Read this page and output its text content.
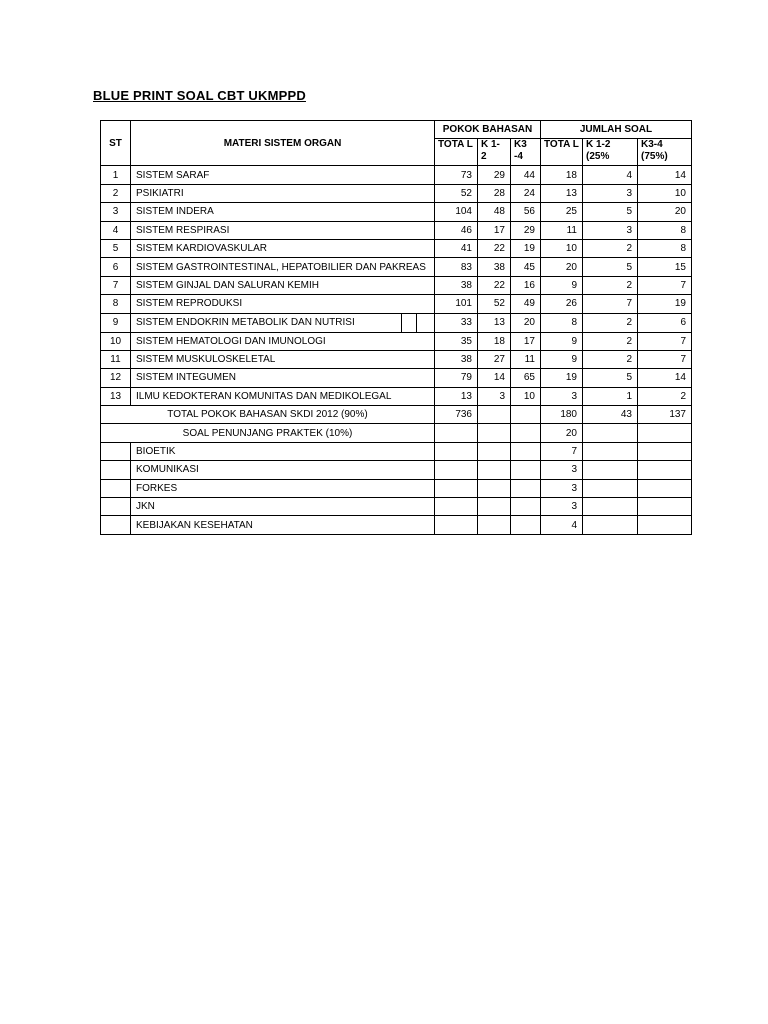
BLUE PRINT SOAL CBT UKMPPD
ST	MATERI SISTEM ORGAN	POKOK BAHASAN			JUMLAH SOAL		
		TOTA L	K 1- 2	K3 -4	TOTA L	K 1-2 (25%	K3-4 (75%)
1	SISTEM SARAF	73	29	44	18	4	14
2	PSIKIATRI	52	28	24	13	3	10
3	SISTEM INDERA	104	48	56	25	5	20
4	SISTEM RESPIRASI	46	17	29	11	3	8
5	SISTEM KARDIOVASKULAR	41	22	19	10	2	8
6	SISTEM GASTROINTESTINAL, HEPATOBILIER DAN PAKREAS	83	38	45	20	5	15
7	SISTEM GINJAL DAN SALURAN KEMIH	38	22	16	9	2	7
8	SISTEM REPRODUKSI	101	52	49	26	7	19
9	SISTEM ENDOKRIN METABOLIK DAN NUTRISI	33	13	20	8	2	6
10	SISTEM HEMATOLOGI DAN IMUNOLOGI	35	18	17	9	2	7
11	SISTEM MUSKULOSKELETAL	38	27	11	9	2	7
12	SISTEM INTEGUMEN	79	14	65	19	5	14
13	ILMU KEDOKTERAN KOMUNITAS DAN MEDIKOLEGAL	13	3	10	3	1	2
TOTAL POKOK BAHASAN SKDI 2012 (90%)		736			180	43	137
SOAL PENUNJANG PRAKTEK (10%)					20		
	BIOETIK				7		
	KOMUNIKASI				3		
	FORKES				3		
	JKN				3		
	KEBIJAKAN KESEHATAN				4		
